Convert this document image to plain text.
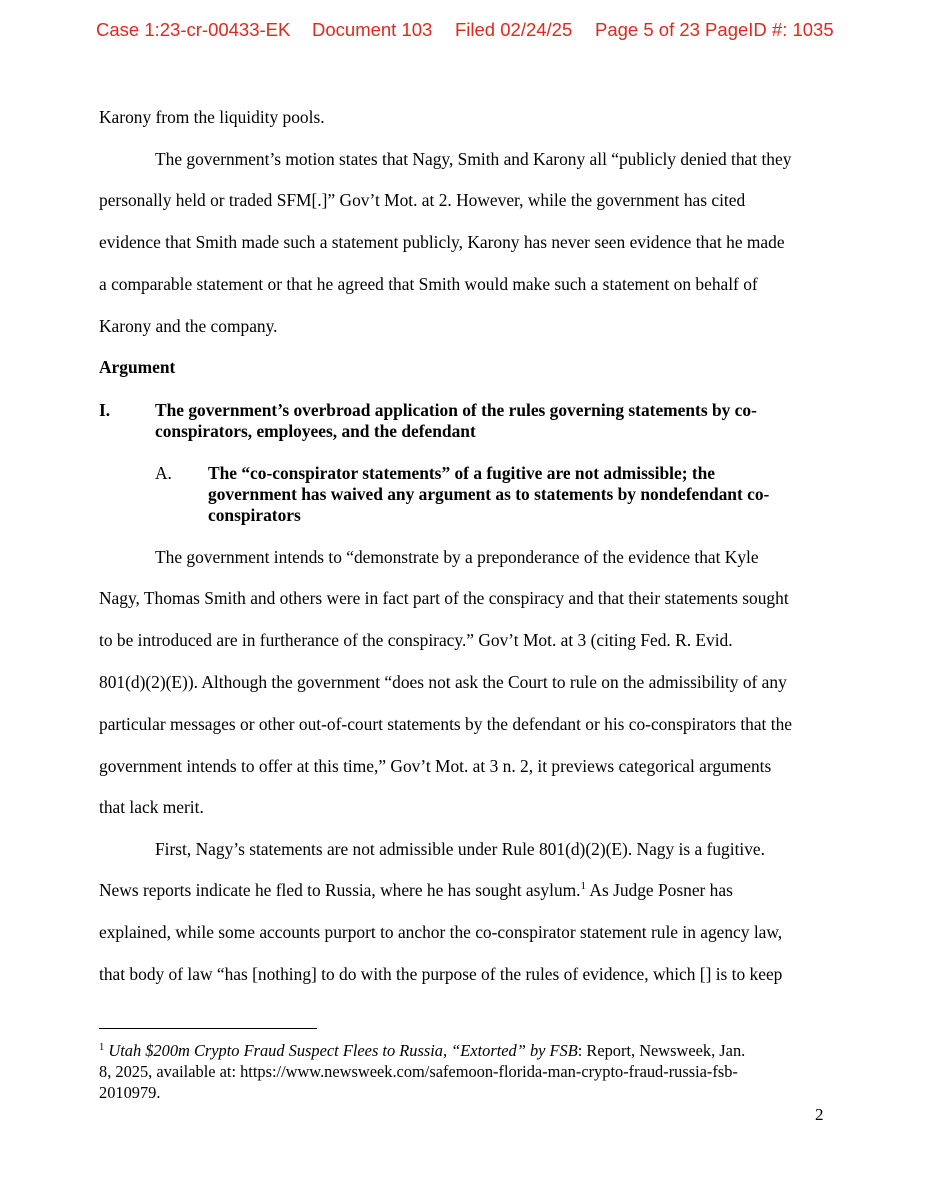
Case 1:23-cr-00433-EK Document 103 Filed 02/24/25 Page 5 of 23 PageID #: 1035
Karony from the liquidity pools.
The government’s motion states that Nagy, Smith and Karony all “publicly denied that they
personally held or traded SFM[.]” Gov’t Mot. at 2. However, while the government has cited
evidence that Smith made such a statement publicly, Karony has never seen evidence that he made
a comparable statement or that he agreed that Smith would make such a statement on behalf of
Karony and the company.
Argument
I.	The government’s overbroad application of the rules governing statements by co-
conspirators, employees, and the defendant
A. The “co-conspirator statements” of a fugitive are not admissible; the
government has waived any argument as to statements by nondefendant co-
conspirators
The government intends to “demonstrate by a preponderance of the evidence that Kyle
Nagy, Thomas Smith and others were in fact part of the conspiracy and that their statements sought
to be introduced are in furtherance of the conspiracy.” Gov’t Mot. at 3 (citing Fed. R. Evid.
801(d)(2)(E)). Although the government “does not ask the Court to rule on the admissibility of any
particular messages or other out-of-court statements by the defendant or his co-conspirators that the
government intends to offer at this time,” Gov’t Mot. at 3 n. 2, it previews categorical arguments
that lack merit.
First, Nagy’s statements are not admissible under Rule 801(d)(2)(E). Nagy is a fugitive.
News reports indicate he fled to Russia, where he has sought asylum.$^1$ As Judge Posner has
explained, while some accounts purport to anchor the co-conspirator statement rule in agency law,
that body of law “has [nothing] to do with the purpose of the rules of evidence, which [] is to keep
$^1$ Utah $200m Crypto Fraud Suspect Flees to Russia, “Extorted” by FSB: Report, Newsweek, Jan.
8, 2025, available at: https://www.newsweek.com/safemoon-florida-man-crypto-fraud-russia-fsb-
2010979.
2
